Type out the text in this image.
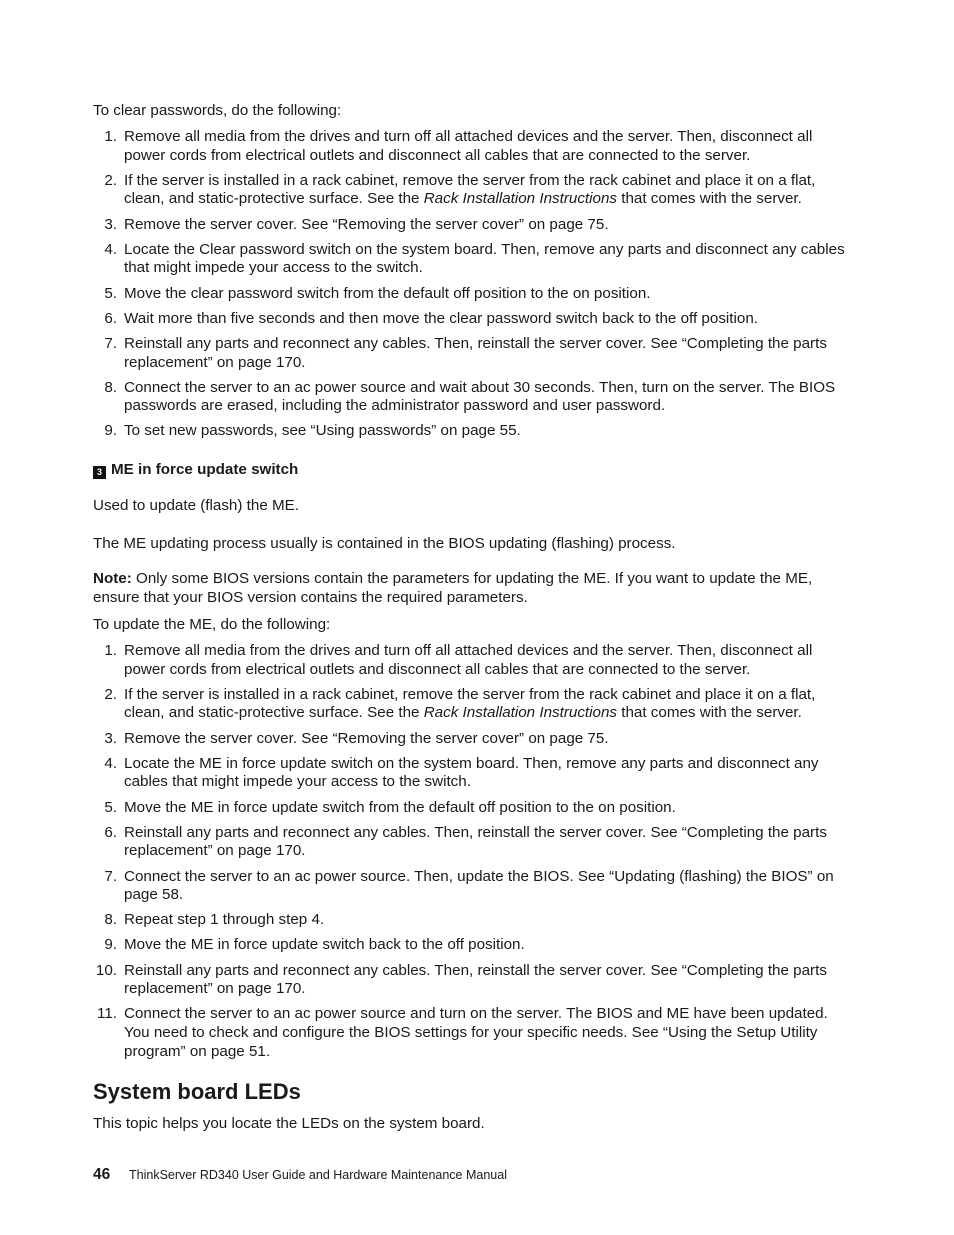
To clear passwords, do the following:

1. Remove all media from the drives and turn off all attached devices and the server. Then, disconnect all power cords from electrical outlets and disconnect all cables that are connected to the server.
2. If the server is installed in a rack cabinet, remove the server from the rack cabinet and place it on a flat, clean, and static-protective surface. See the Rack Installation Instructions that comes with the server.
3. Remove the server cover. See “Removing the server cover” on page 75.
4. Locate the Clear password switch on the system board. Then, remove any parts and disconnect any cables that might impede your access to the switch.
5. Move the clear password switch from the default off position to the on position.
6. Wait more than five seconds and then move the clear password switch back to the off position.
7. Reinstall any parts and reconnect any cables. Then, reinstall the server cover. See “Completing the parts replacement” on page 170.
8. Connect the server to an ac power source and wait about 30 seconds. Then, turn on the server. The BIOS passwords are erased, including the administrator password and user password.
9. To set new passwords, see “Using passwords” on page 55.
3 ME in force update switch

Used to update (flash) the ME.

The ME updating process usually is contained in the BIOS updating (flashing) process.

Note: Only some BIOS versions contain the parameters for updating the ME. If you want to update the ME, ensure that your BIOS version contains the required parameters.

To update the ME, do the following:

1. Remove all media from the drives and turn off all attached devices and the server. Then, disconnect all power cords from electrical outlets and disconnect all cables that are connected to the server.
2. If the server is installed in a rack cabinet, remove the server from the rack cabinet and place it on a flat, clean, and static-protective surface. See the Rack Installation Instructions that comes with the server.
3. Remove the server cover. See “Removing the server cover” on page 75.
4. Locate the ME in force update switch on the system board. Then, remove any parts and disconnect any cables that might impede your access to the switch.
5. Move the ME in force update switch from the default off position to the on position.
6. Reinstall any parts and reconnect any cables. Then, reinstall the server cover. See “Completing the parts replacement” on page 170.
7. Connect the server to an ac power source. Then, update the BIOS. See “Updating (flashing) the BIOS” on page 58.
8. Repeat step 1 through step 4.
9. Move the ME in force update switch back to the off position.
10. Reinstall any parts and reconnect any cables. Then, reinstall the server cover. See “Completing the parts replacement” on page 170.
11. Connect the server to an ac power source and turn on the server. The BIOS and ME have been updated. You need to check and configure the BIOS settings for your specific needs. See “Using the Setup Utility program” on page 51.
System board LEDs

This topic helps you locate the LEDs on the system board.

46 ThinkServer RD340 User Guide and Hardware Maintenance Manual
